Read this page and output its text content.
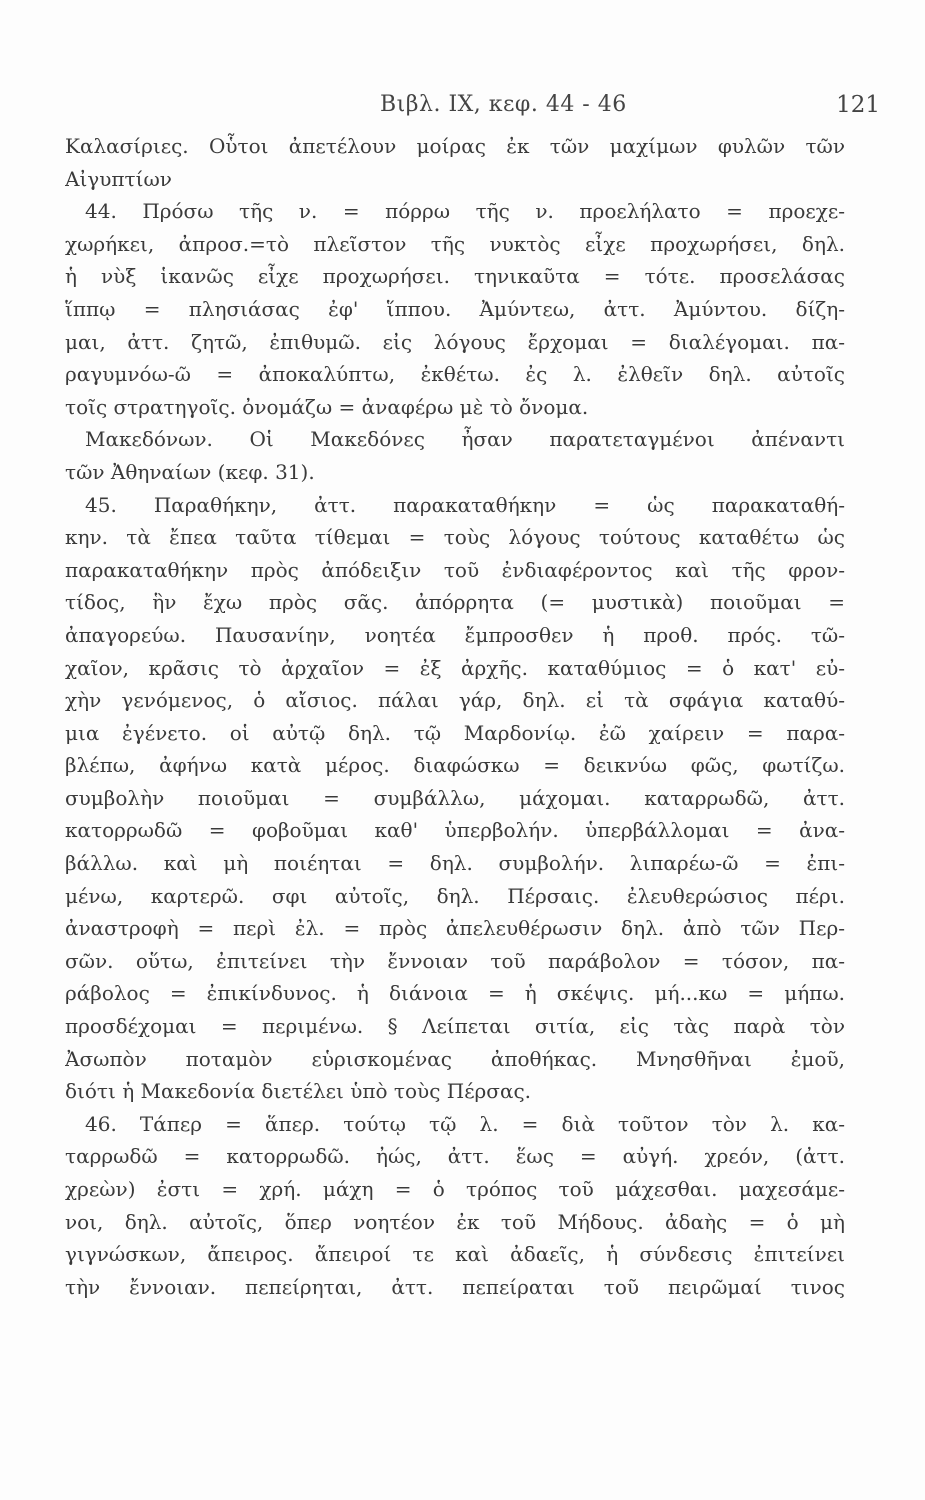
Βιβλ. IX, κεφ. 44 - 46	121
Καλασίριες. Οὗτοι ἀπετέλουν μοίρας ἐκ τῶν μαχίμων φυλῶν τῶν
Αἰγυπτίων
44. Πρόσω τῆς ν. = πόρρω τῆς ν. προελήλατο = προεχε-
χωρήκει, ἀπροσ.=τὸ πλεῖστον τῆς νυκτὸς εἶχε προχωρήσει, δηλ.
ἡ νὺξ ἱκανῶς εἶχε προχωρήσει. τηνικαῦτα = τότε. προσελάσας
ἵππῳ = πλησιάσας ἐφ' ἵππου. Ἀμύντεω, ἀττ. Ἀμύντου. δίζη-
μαι, ἀττ. ζητῶ, ἐπιθυμῶ. εἰς λόγους ἔρχομαι = διαλέγομαι. πα-
ραγυμνόω-ῶ = ἀποκαλύπτω, ἐκθέτω. ἐς λ. ἐλθεῖν δηλ. αὐτοῖς
τοῖς στρατηγοῖς. ὀνομάζω = ἀναφέρω μὲ τὸ ὄνομα.
Μακεδόνων. Οἱ Μακεδόνες ἦσαν παρατεταγμένοι ἀπέναντι
τῶν Ἀθηναίων (κεφ. 31).
45. Παραθήκην, ἀττ. παρακαταθήκην = ὡς παρακαταθή-
κην. τὰ ἔπεα ταῦτα τίθεμαι = τοὺς λόγους τούτους καταθέτω ὡς
παρακαταθήκην πρὸς ἀπόδειξιν τοῦ ἐνδιαφέροντος καὶ τῆς φρον-
τίδος, ἣν ἔχω πρὸς σᾶς. ἀπόρρητα (= μυστικὰ) ποιοῦμαι =
ἀπαγορεύω. Παυσανίην, νοητέα ἔμπροσθεν ἡ προθ. πρός. τῶ-
χαῖον, κρᾶσις τὸ ἀρχαῖον = ἐξ ἀρχῆς. καταθύμιος = ὁ κατ' εὐ-
χὴν γενόμενος, ὁ αἴσιος. πάλαι γάρ, δηλ. εἰ τὰ σφάγια καταθύ-
μια ἐγένετο. οἱ αὐτῷ δηλ. τῷ Μαρδονίῳ. ἐῶ χαίρειν = παρα-
βλέπω, ἀφήνω κατὰ μέρος. διαφώσκω = δεικνύω φῶς, φωτίζω.
συμβολὴν ποιοῦμαι = συμβάλλω, μάχομαι. καταρρωδῶ, ἀττ.
κατορρωδῶ = φοβοῦμαι καθ' ὑπερβολήν. ὑπερβάλλομαι = ἀνα-
βάλλω. καὶ μὴ ποιέηται = δηλ. συμβολήν. λιπαρέω-ῶ = ἐπι-
μένω, καρτερῶ. σφι αὐτοῖς, δηλ. Πέρσαις. ἐλευθερώσιος πέρι.
ἀναστροφὴ = περὶ ἐλ. = πρὸς ἀπελευθέρωσιν δηλ. ἀπὸ τῶν Περ-
σῶν. οὕτω, ἐπιτείνει τὴν ἔννοιαν τοῦ παράβολον = τόσον, πα-
ράβολος = ἐπικίνδυνος. ἡ διάνοια = ἡ σκέψις. μή...κω = μήπω.
προσδέχομαι = περιμένω. § Λείπεται σιτία, εἰς τὰς παρὰ τὸν
Ἀσωπὸν ποταμὸν εὑρισκομένας ἀποθήκας. Μνησθῆναι ἐμοῦ,
διότι ἡ Μακεδονία διετέλει ὑπὸ τοὺς Πέρσας.
46. Τάπερ = ἅπερ. τούτῳ τῷ λ. = διὰ τοῦτον τὸν λ. κα-
ταρρωδῶ = κατορρωδῶ. ἠώς, ἀττ. ἕως = αὐγή. χρεόν, (ἀττ.
χρεὼν) ἐστι = χρή. μάχη = ὁ τρόπος τοῦ μάχεσθαι. μαχεσάμε-
νοι, δηλ. αὐτοῖς, ὅπερ νοητέον ἐκ τοῦ Μήδους. ἀδαὴς = ὁ μὴ
γιγνώσκων, ἄπειρος. ἄπειροί τε καὶ ἀδαεῖς, ἡ σύνδεσις ἐπιτείνει
τὴν ἔννοιαν. πεπείρηται, ἀττ. πεπείραται τοῦ πειρῶμαί τινος
